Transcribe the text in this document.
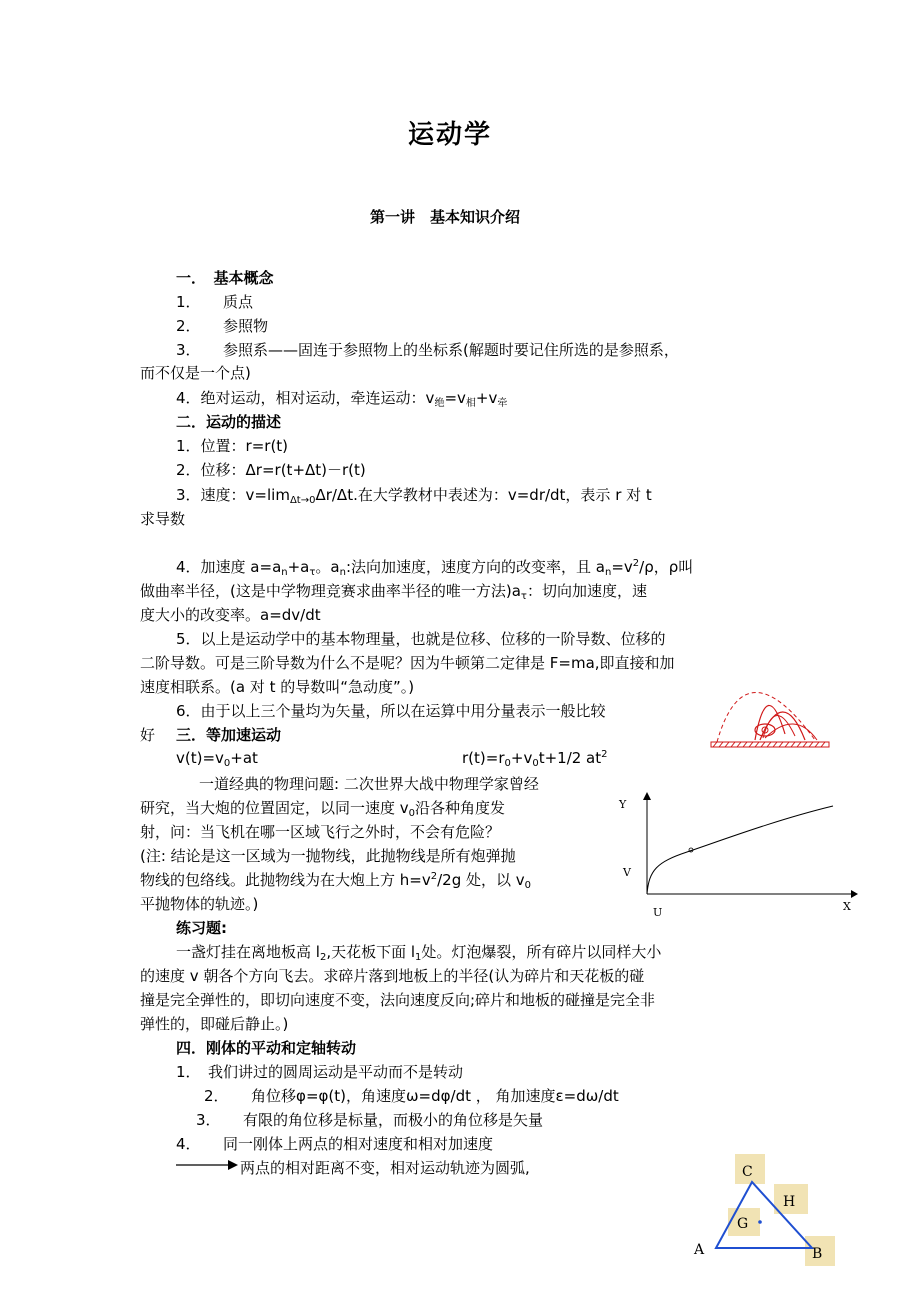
运动学
第一讲　基本知识介绍
一．　基本概念
1．　　质点
2．　　参照物
3．　　参照系——固连于参照物上的坐标系(解题时要记住所选的是参照系，
而不仅是一个点)
4．绝对运动，相对运动，牵连运动：$v_绝=v_相+v_牵$
二．运动的描述
1．位置：r=r(t)
2．位移：Δr=r(t+Δt)－r(t)
3．速度：$v=\lim_{\Delta t\to 0}\Delta r/\Delta t$.在大学教材中表述为：v=dr/dt，表示 r 对 t
求导数
4．加速度 $a=a_n+a_\tau$。$a_n$:法向加速度，速度方向的改变率，且 $a_n=v^2/\rho$，ρ叫
做曲率半径，(这是中学物理竞赛求曲率半径的唯一方法)$a_\tau$：切向加速度，速
度大小的改变率。a=dv/dt
5．以上是运动学中的基本物理量，也就是位移、位移的一阶导数、位移的
二阶导数。可是三阶导数为什么不是呢？因为牛顿第二定律是 F=ma,即直接和加
速度相联系。(a 对 t 的导数叫“急动度”。)
6．由于以上三个量均为矢量，所以在运算中用分量表示一般比较
好 三．等加速运动
$v(t)=v_0+at$	$r(t)=r_0+v_0t+1/2$ $at^2$
一道经典的物理问题: 二次世界大战中物理学家曾经
研究，当大炮的位置固定，以同一速度 $v_0$沿各种角度发
射，问：当飞机在哪一区域飞行之外时，不会有危险？
(注: 结论是这一区域为一抛物线，此抛物线是所有炮弹抛
物线的包络线。此抛物线为在大炮上方 $h=v^2/2g$ 处，以 $v_0$
平抛物体的轨迹。)
Y
V
U	X
练习题:
一盏灯挂在离地板高 $l_2$,天花板下面 $l_1$处。灯泡爆裂，所有碎片以同样大小
的速度 v 朝各个方向飞去。求碎片落到地板上的半径(认为碎片和天花板的碰
撞是完全弹性的，即切向速度不变，法向速度反向;碎片和地板的碰撞是完全非
弹性的，即碰后静止。)
四．刚体的平动和定轴转动
1．　我们讲过的圆周运动是平动而不是转动
2．　　角位移φ=φ(t)，角速度ω=dφ/dt ， 角加速度ε=dω/dt
3．　　有限的角位移是标量，而极小的角位移是矢量
4．　　同一刚体上两点的相对速度和相对加速度
两点的相对距离不变，相对运动轨迹为圆弧,	C
H
G
A	B
